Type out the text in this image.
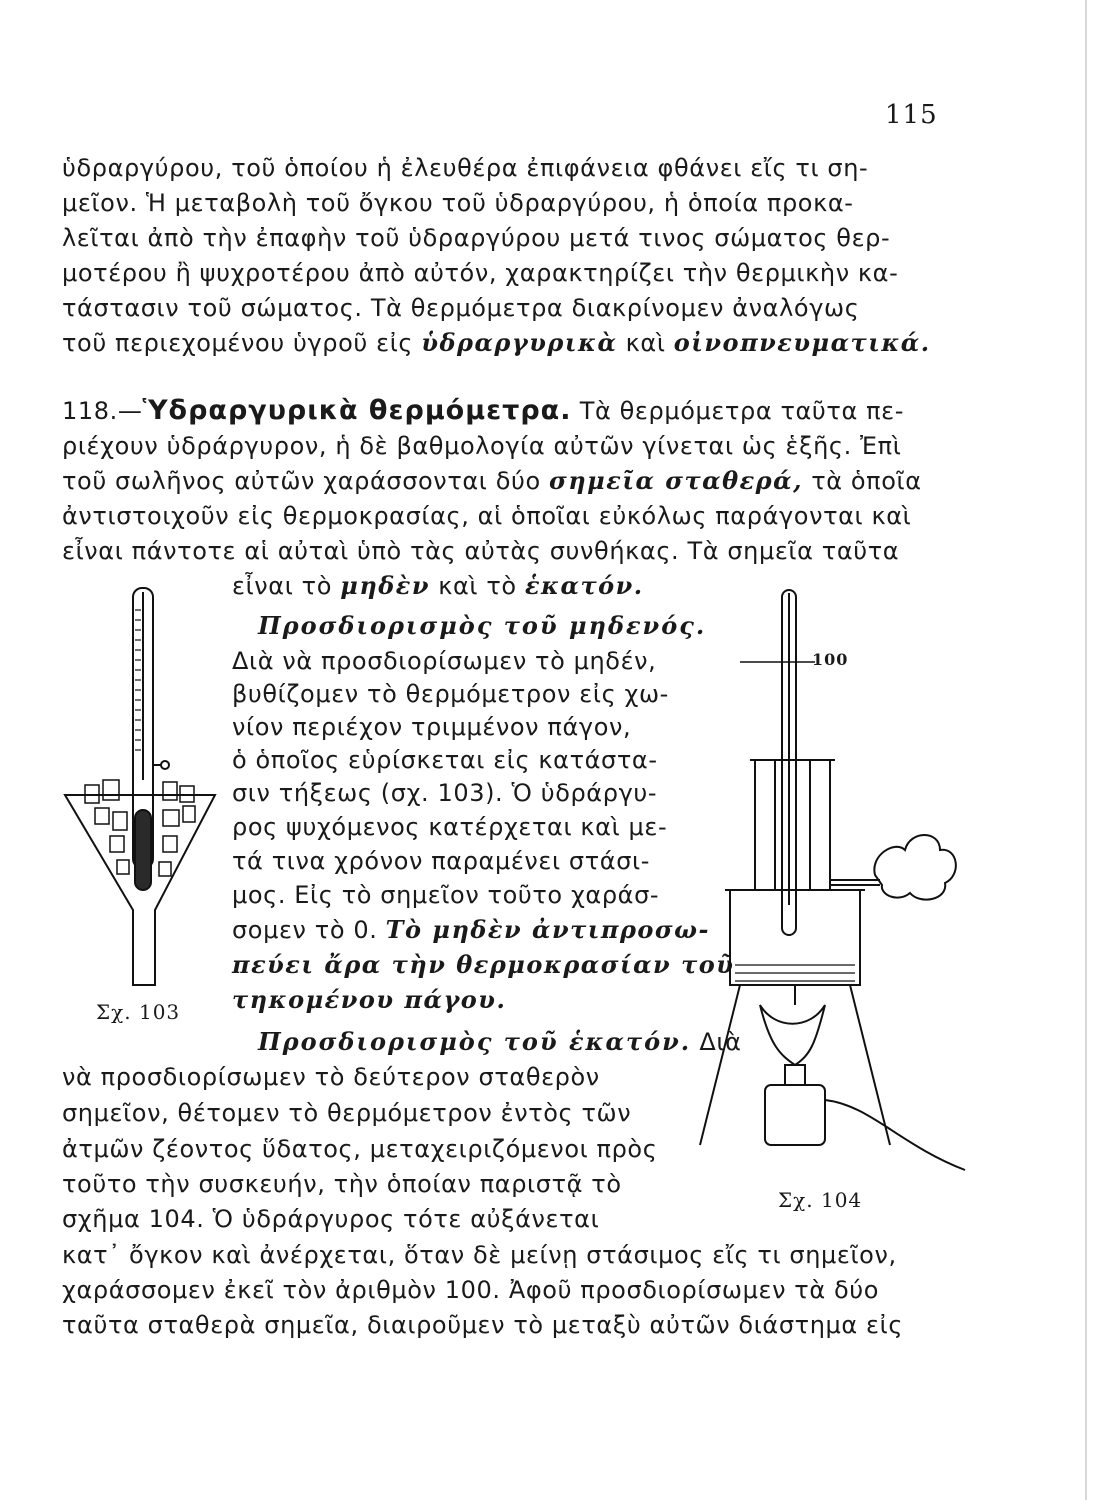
115
ὑδραργύρου, τοῦ ὁποίου ἡ ἐλευθέρα ἐπιφάνεια φθάνει εἴς τι ση-
μεῖον. Ἡ μεταβολὴ τοῦ ὄγκου τοῦ ὑδραργύρου, ἡ ὁποία προκα-
λεῖται ἀπὸ τὴν ἐπαφὴν τοῦ ὑδραργύρου μετά τινος σώματος θερ-
μοτέρου ἢ ψυχροτέρου ἀπὸ αὐτόν, χαρακτηρίζει τὴν θερμικὴν κα-
τάστασιν τοῦ σώματος. Τὰ θερμόμετρα διακρίνομεν ἀναλόγως
τοῦ περιεχομένου ὑγροῦ εἰς ὑδραργυρικὰ καὶ οἰνοπνευματικά.
118.—Ὑδραργυρικὰ θερμόμετρα. Τὰ θερμόμετρα ταῦτα πε-
ριέχουν ὑδράργυρον, ἡ δὲ βαθμολογία αὐτῶν γίνεται ὡς ἑξῆς. Ἐπὶ
τοῦ σωλῆνος αὐτῶν χαράσσονται δύο σημεῖα σταθερά, τὰ ὁποῖα
ἀντιστοιχοῦν εἰς θερμοκρασίας, αἱ ὁποῖαι εὐκόλως παράγονται καὶ
εἶναι πάντοτε αἱ αὐταὶ ὑπὸ τὰς αὐτὰς συνθήκας. Τὰ σημεῖα ταῦτα
εἶναι τὸ μηδὲν καὶ τὸ ἑκατόν.
Προσδιορισμὸς τοῦ μηδενός.
Διὰ νὰ προσδιορίσωμεν τὸ μηδέν,
βυθίζομεν τὸ θερμόμετρον εἰς χω-
νίον περιέχον τριμμένον πάγον,
ὁ ὁποῖος εὑρίσκεται εἰς κατάστα-
σιν τήξεως (σχ. 103). Ὁ ὑδράργυ-
ρος ψυχόμενος κατέρχεται καὶ με-
τά τινα χρόνον παραμένει στάσι-
μος. Εἰς τὸ σημεῖον τοῦτο χαράσ-
σομεν τὸ 0. Τὸ μηδὲν ἀντιπροσω-
πεύει ἄρα τὴν θερμοκρασίαν τοῦ
τηκομένου πάγου.
Προσδιορισμὸς τοῦ ἑκατόν. Διὰ
νὰ προσδιορίσωμεν τὸ δεύτερον σταθερὸν
σημεῖον, θέτομεν τὸ θερμόμετρον ἐντὸς τῶν
ἀτμῶν ζέοντος ὕδατος, μεταχειριζόμενοι πρὸς
τοῦτο τὴν συσκευήν, τὴν ὁποίαν παριστᾷ τὸ
σχῆμα 104. Ὁ ὑδράργυρος τότε αὐξάνεται
κατ᾽ ὄγκον καὶ ἀνέρχεται, ὅταν δὲ μείνῃ στάσιμος εἴς τι σημεῖον,
χαράσσομεν ἐκεῖ τὸν ἀριθμὸν 100. Ἀφοῦ προσδιορίσωμεν τὰ δύο
ταῦτα σταθερὰ σημεῖα, διαιροῦμεν τὸ μεταξὺ αὐτῶν διάστημα εἰς
Σχ. 103
100
Σχ. 104
